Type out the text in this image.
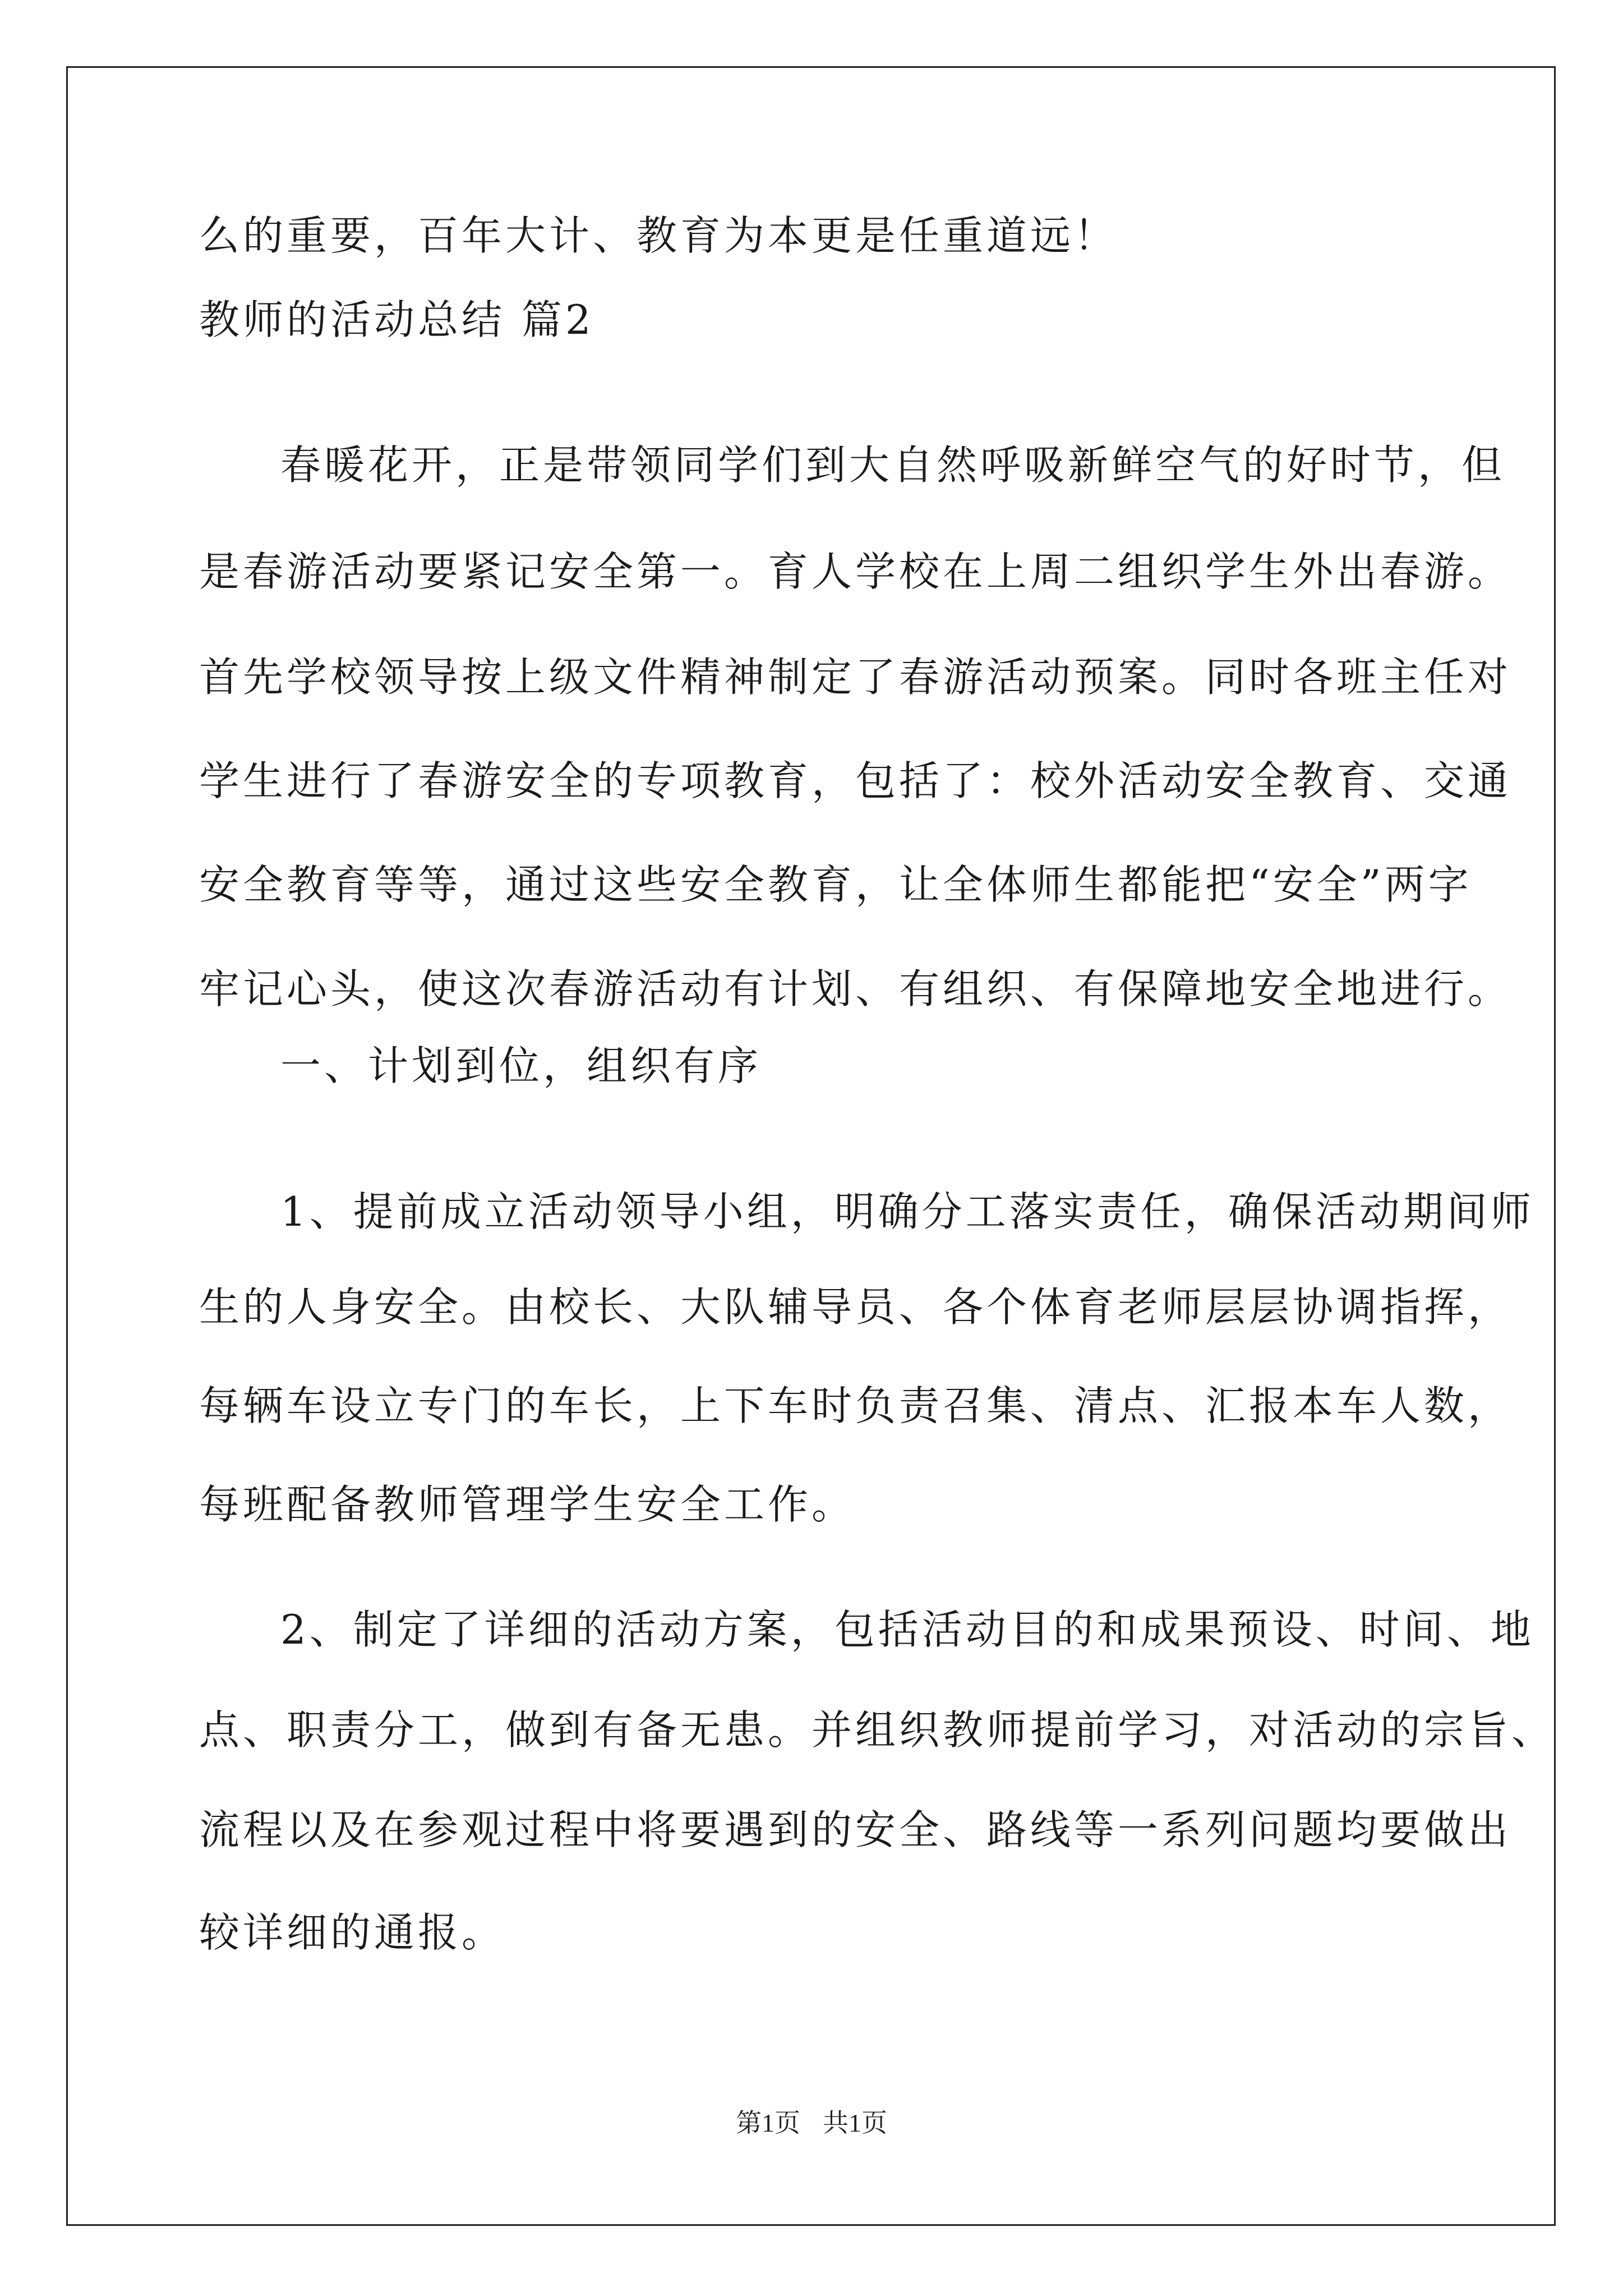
么的重要，百年大计、教育为本更是任重道远！
教师的活动总结 篇2
春暖花开，正是带领同学们到大自然呼吸新鲜空气的好时节，但
是春游活动要紧记安全第一。育人学校在上周二组织学生外出春游。
首先学校领导按上级文件精神制定了春游活动预案。同时各班主任对
学生进行了春游安全的专项教育，包括了：校外活动安全教育、交通
安全教育等等，通过这些安全教育，让全体师生都能把“安全”两字
牢记心头，使这次春游活动有计划、有组织、有保障地安全地进行。
一、计划到位，组织有序
1、提前成立活动领导小组，明确分工落实责任，确保活动期间师
生的人身安全。由校长、大队辅导员、各个体育老师层层协调指挥，
每辆车设立专门的车长，上下车时负责召集、清点、汇报本车人数，
每班配备教师管理学生安全工作。
2、制定了详细的活动方案，包括活动目的和成果预设、时间、地
点、职责分工，做到有备无患。并组织教师提前学习，对活动的宗旨、
流程以及在参观过程中将要遇到的安全、路线等一系列问题均要做出
较详细的通报。
第1页 共1页
